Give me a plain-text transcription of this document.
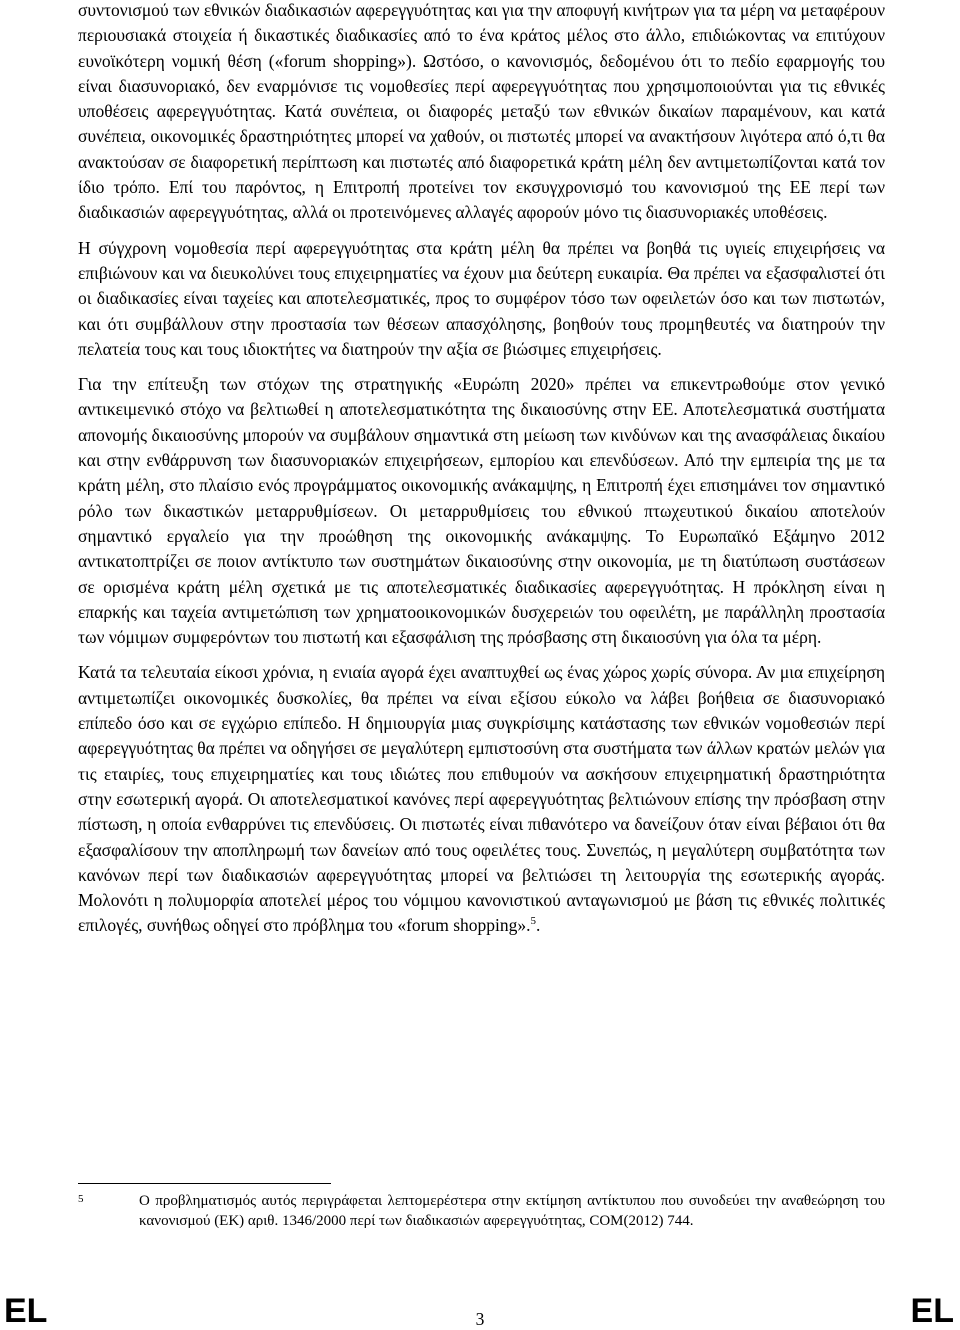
συντονισμού των εθνικών διαδικασιών αφερεγγυότητας και για την αποφυγή κινήτρων για τα μέρη να μεταφέρουν περιουσιακά στοιχεία ή δικαστικές διαδικασίες από το ένα κράτος μέλος στο άλλο, επιδιώκοντας να επιτύχουν ευνοϊκότερη νομική θέση («forum shopping»). Ωστόσο, ο κανονισμός, δεδομένου ότι το πεδίο εφαρμογής του είναι διασυνοριακό, δεν εναρμόνισε τις νομοθεσίες περί αφερεγγυότητας που χρησιμοποιούνται για τις εθνικές υποθέσεις αφερεγγυότητας. Κατά συνέπεια, οι διαφορές μεταξύ των εθνικών δικαίων παραμένουν, και κατά συνέπεια, οικονομικές δραστηριότητες μπορεί να χαθούν, οι πιστωτές μπορεί να ανακτήσουν λιγότερα από ό,τι θα ανακτούσαν σε διαφορετική περίπτωση και πιστωτές από διαφορετικά κράτη μέλη δεν αντιμετωπίζονται κατά τον ίδιο τρόπο. Επί του παρόντος, η Επιτροπή προτείνει τον εκσυγχρονισμό του κανονισμού της ΕΕ περί των διαδικασιών αφερεγγυότητας, αλλά οι προτεινόμενες αλλαγές αφορούν μόνο τις διασυνοριακές υποθέσεις.

Η σύγχρονη νομοθεσία περί αφερεγγυότητας στα κράτη μέλη θα πρέπει να βοηθά τις υγιείς επιχειρήσεις να επιβιώνουν και να διευκολύνει τους επιχειρηματίες να έχουν μια δεύτερη ευκαιρία. Θα πρέπει να εξασφαλιστεί ότι οι διαδικασίες είναι ταχείες και αποτελεσματικές, προς το συμφέρον τόσο των οφειλετών όσο και των πιστωτών, και ότι συμβάλλουν στην προστασία των θέσεων απασχόλησης, βοηθούν τους προμηθευτές να διατηρούν την πελατεία τους και τους ιδιοκτήτες να διατηρούν την αξία σε βιώσιμες επιχειρήσεις.

Για την επίτευξη των στόχων της στρατηγικής «Ευρώπη 2020» πρέπει να επικεντρωθούμε στον γενικό αντικειμενικό στόχο να βελτιωθεί η αποτελεσματικότητα της δικαιοσύνης στην ΕΕ. Αποτελεσματικά συστήματα απονομής δικαιοσύνης μπορούν να συμβάλουν σημαντικά στη μείωση των κινδύνων και της ανασφάλειας δικαίου και στην ενθάρρυνση των διασυνοριακών επιχειρήσεων, εμπορίου και επενδύσεων. Από την εμπειρία της με τα κράτη μέλη, στο πλαίσιο ενός προγράμματος οικονομικής ανάκαμψης, η Επιτροπή έχει επισημάνει τον σημαντικό ρόλο των δικαστικών μεταρρυθμίσεων. Οι μεταρρυθμίσεις του εθνικού πτωχευτικού δικαίου αποτελούν σημαντικό εργαλείο για την προώθηση της οικονομικής ανάκαμψης. Το Ευρωπαϊκό Εξάμηνο 2012 αντικατοπτρίζει σε ποιον αντίκτυπο των συστημάτων δικαιοσύνης στην οικονομία, με τη διατύπωση συστάσεων σε ορισμένα κράτη μέλη σχετικά με τις αποτελεσματικές διαδικασίες αφερεγγυότητας. Η πρόκληση είναι η επαρκής και ταχεία αντιμετώπιση των χρηματοοικονομικών δυσχερειών του οφειλέτη, με παράλληλη προστασία των νόμιμων συμφερόντων του πιστωτή και εξασφάλιση της πρόσβασης στη δικαιοσύνη για όλα τα μέρη.

Κατά τα τελευταία είκοσι χρόνια, η ενιαία αγορά έχει αναπτυχθεί ως ένας χώρος χωρίς σύνορα. Αν μια επιχείρηση αντιμετωπίζει οικονομικές δυσκολίες, θα πρέπει να είναι εξίσου εύκολο να λάβει βοήθεια σε διασυνοριακό επίπεδο όσο και σε εγχώριο επίπεδο. Η δημιουργία μιας συγκρίσιμης κατάστασης των εθνικών νομοθεσιών περί αφερεγγυότητας θα πρέπει να οδηγήσει σε μεγαλύτερη εμπιστοσύνη στα συστήματα των άλλων κρατών μελών για τις εταιρίες, τους επιχειρηματίες και τους ιδιώτες που επιθυμούν να ασκήσουν επιχειρηματική δραστηριότητα στην εσωτερική αγορά. Οι αποτελεσματικοί κανόνες περί αφερεγγυότητας βελτιώνουν επίσης την πρόσβαση στην πίστωση, η οποία ενθαρρύνει τις επενδύσεις. Οι πιστωτές είναι πιθανότερο να δανείζουν όταν είναι βέβαιοι ότι θα εξασφαλίσουν την αποπληρωμή των δανείων από τους οφειλέτες τους. Συνεπώς, η μεγαλύτερη συμβατότητα των κανόνων περί των διαδικασιών αφερεγγυότητας μπορεί να βελτιώσει τη λειτουργία της εσωτερικής αγοράς. Μολονότι η πολυμορφία αποτελεί μέρος του νόμιμου κανονιστικού ανταγωνισμού με βάση τις εθνικές πολιτικές επιλογές, συνήθως οδηγεί στο πρόβλημα του «forum shopping».$^5$.

5	Ο προβληματισμός αυτός περιγράφεται λεπτομερέστερα στην εκτίμηση αντίκτυπου που συνοδεύει την αναθεώρηση του κανονισμού (ΕΚ) αριθ. 1346/2000 περί των διαδικασιών αφερεγγυότητας, COM(2012) 744.
EL	3	EL
